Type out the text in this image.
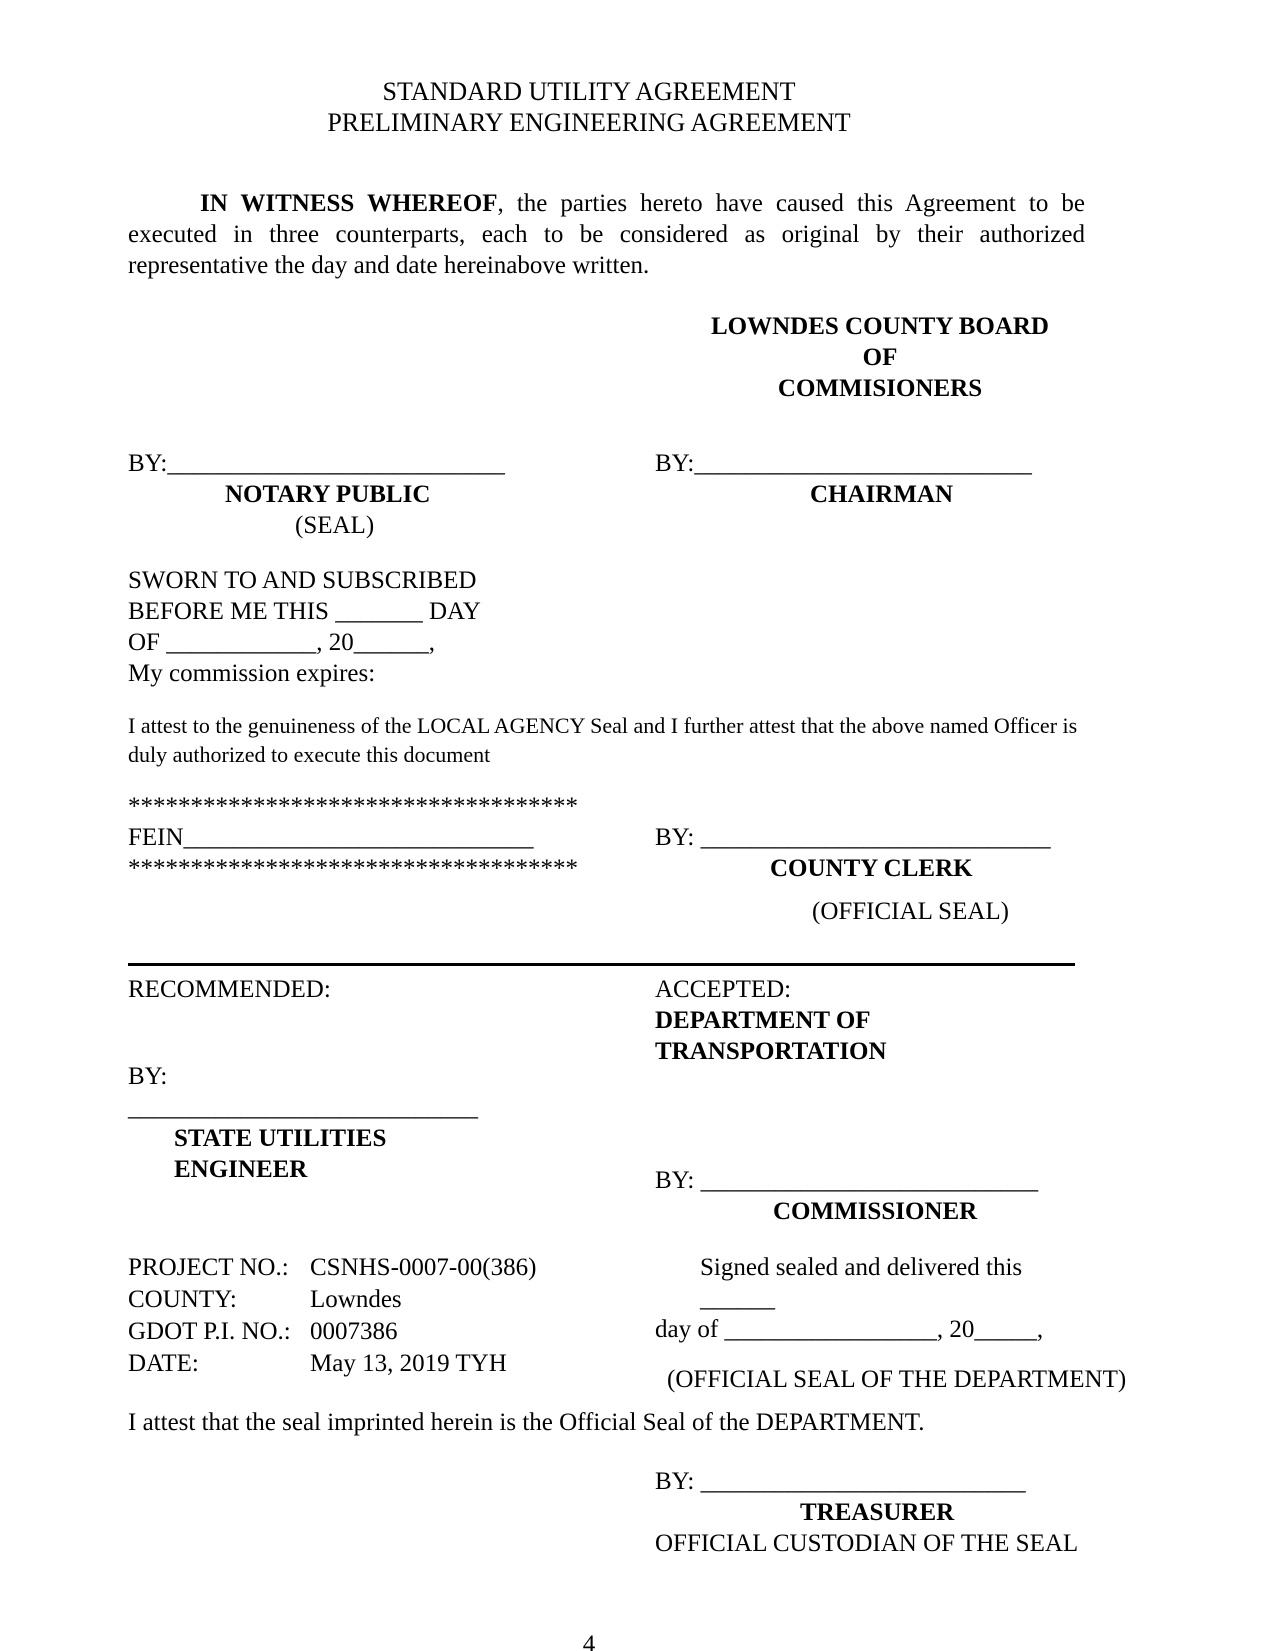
STANDARD UTILITY AGREEMENT
PRELIMINARY ENGINEERING AGREEMENT

IN WITNESS WHEREOF, the parties hereto have caused this Agreement to be executed in three counterparts, each to be considered as original by their authorized representative the day and date hereinabove written.

LOWNDES COUNTY BOARD OF
COMMISIONERS
BY:___________________________
NOTARY PUBLIC
(SEAL)
BY:___________________________
CHAIRMAN
SWORN TO AND SUBSCRIBED
BEFORE ME THIS _______ DAY
OF ____________, 20______,
My commission expires:
I attest to the genuineness of the LOCAL AGENCY Seal and I further attest that the above named Officer is duly authorized to execute this document
************************************
FEIN____________________________
************************************
BY: ____________________________
COUNTY CLERK
(OFFICIAL SEAL)
RECOMMENDED:
BY: ____________________________
STATE UTILITIES ENGINEER
ACCEPTED:
DEPARTMENT OF TRANSPORTATION
BY: ___________________________
COMMISSIONER
PROJECT NO.: CSNHS-0007-00(386)
COUNTY:	Lowndes
GDOT P.I. NO.: 0007386
DATE:	May 13, 2019 TYH
Signed sealed and delivered this ______
day of _________________, 20_____,
(OFFICIAL SEAL OF THE DEPARTMENT)
I attest that the seal imprinted herein is the Official Seal of the DEPARTMENT.
BY: __________________________
TREASURER
OFFICIAL CUSTODIAN OF THE SEAL
4
